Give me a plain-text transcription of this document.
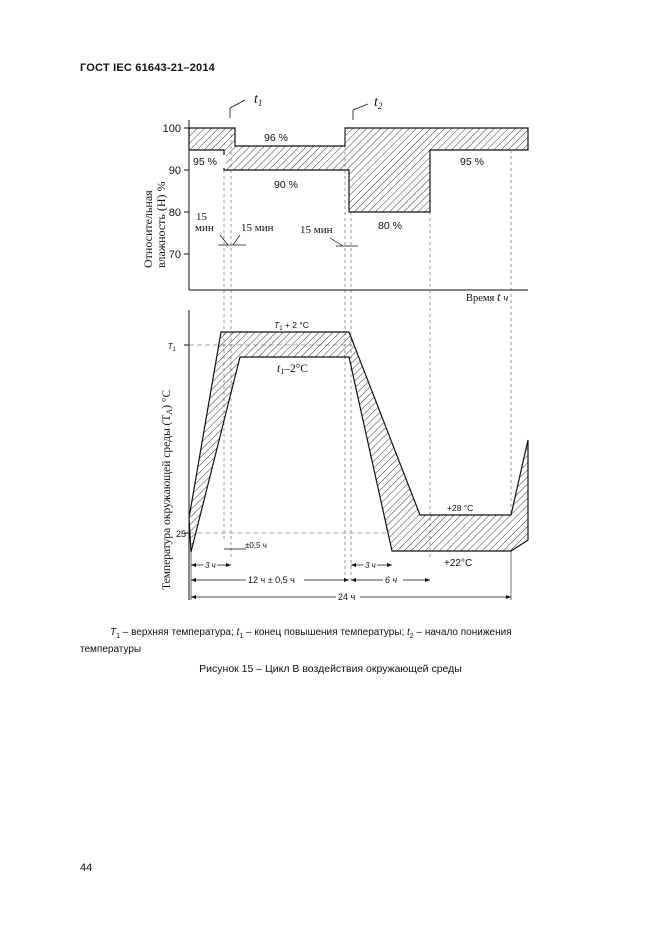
ГОСТ IEC 61643-21–2014
100
90
80
70
96 %
95 %
90 %
80 %
95 %
$t_1$	$t_2$
15
мин 15 мин 15 мин
Относительная влажность (H) %
Время t ч
$T_1$
25
$T_1 + 2$ °С
t1–2°С
+28 °С
+22°С
±0,5 ч
3 ч
12 ч ± 0,5 ч
3 ч
6 ч
24 ч
Температура окружающей среды (TA) °С
$T_1$ – верхняя температура; $t_1$ – конец повышения температуры; $t_2$ – начало понижения
температуры
Рисунок 15 – Цикл B воздействия окружающей среды
44
